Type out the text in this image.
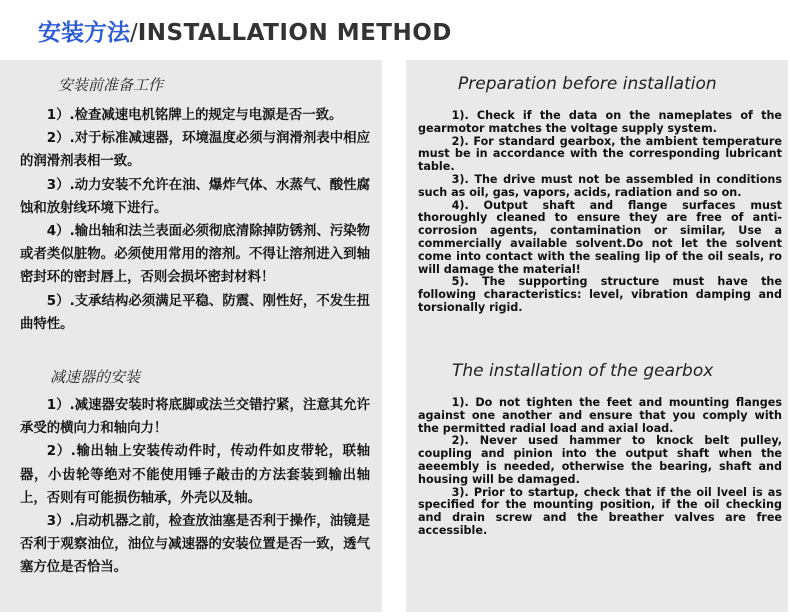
安装方法/INSTALLATION METHOD
安装前准备工作

1）.检查减速电机铭牌上的规定与电源是否一致。

2）.对于标准减速器，环境温度必须与润滑剂表中相应的润滑剂表相一致。

3）.动力安装不允许在油、爆炸气体、水蒸气、酸性腐蚀和放射线环境下进行。

4）.输出轴和法兰表面必须彻底清除掉防锈剂、污染物或者类似脏物。必须使用常用的溶剂。不得让溶剂进入到轴密封环的密封唇上，否则会损坏密封材料！

5）.支承结构必须满足平稳、防震、刚性好，不发生扭曲特性。

减速器的安装

1）.减速器安装时将底脚或法兰交错拧紧，注意其允许承受的横向力和轴向力！

2）.输出轴上安装传动件时，传动件如皮带轮，联轴器，小齿轮等绝对不能使用锤子敲击的方法套装到输出轴上，否则有可能损伤轴承，外壳以及轴。

3）.启动机器之前，检查放油塞是否利于操作，油镜是否利于观察油位，油位与减速器的安装位置是否一致，透气塞方位是否恰当。

Preparation before installation

1). Check if the data on the nameplates of the gearmotor matches the voltage supply system.

2). For standard gearbox, the ambient temperature must be in accordance with the corresponding lubricant table.

3). The drive must not be assembled in conditions such as oil, gas, vapors, acids, radiation and so on.

4). Output shaft and flange surfaces must thoroughly cleaned to ensure they are free of anti-corrosion agents, contamination or similar, Use a commercially available solvent.Do not let the solvent come into contact with the sealing lip of the oil seals, ro will damage the material!

5). The supporting structure must have the following characteristics: level, vibration damping and torsionally rigid.

The installation of the gearbox

1). Do not tighten the feet and mounting flanges against one another and ensure that you comply with the permitted radial load and axial load.

2). Never used hammer to knock belt pulley, coupling and pinion into the output shaft when the aeeembly is needed, otherwise the bearing, shaft and housing will be damaged.

3). Prior to startup, check that if the oil lveel is as specified for the mounting position, if the oil checking and drain screw and the breather valves are free accessible.
